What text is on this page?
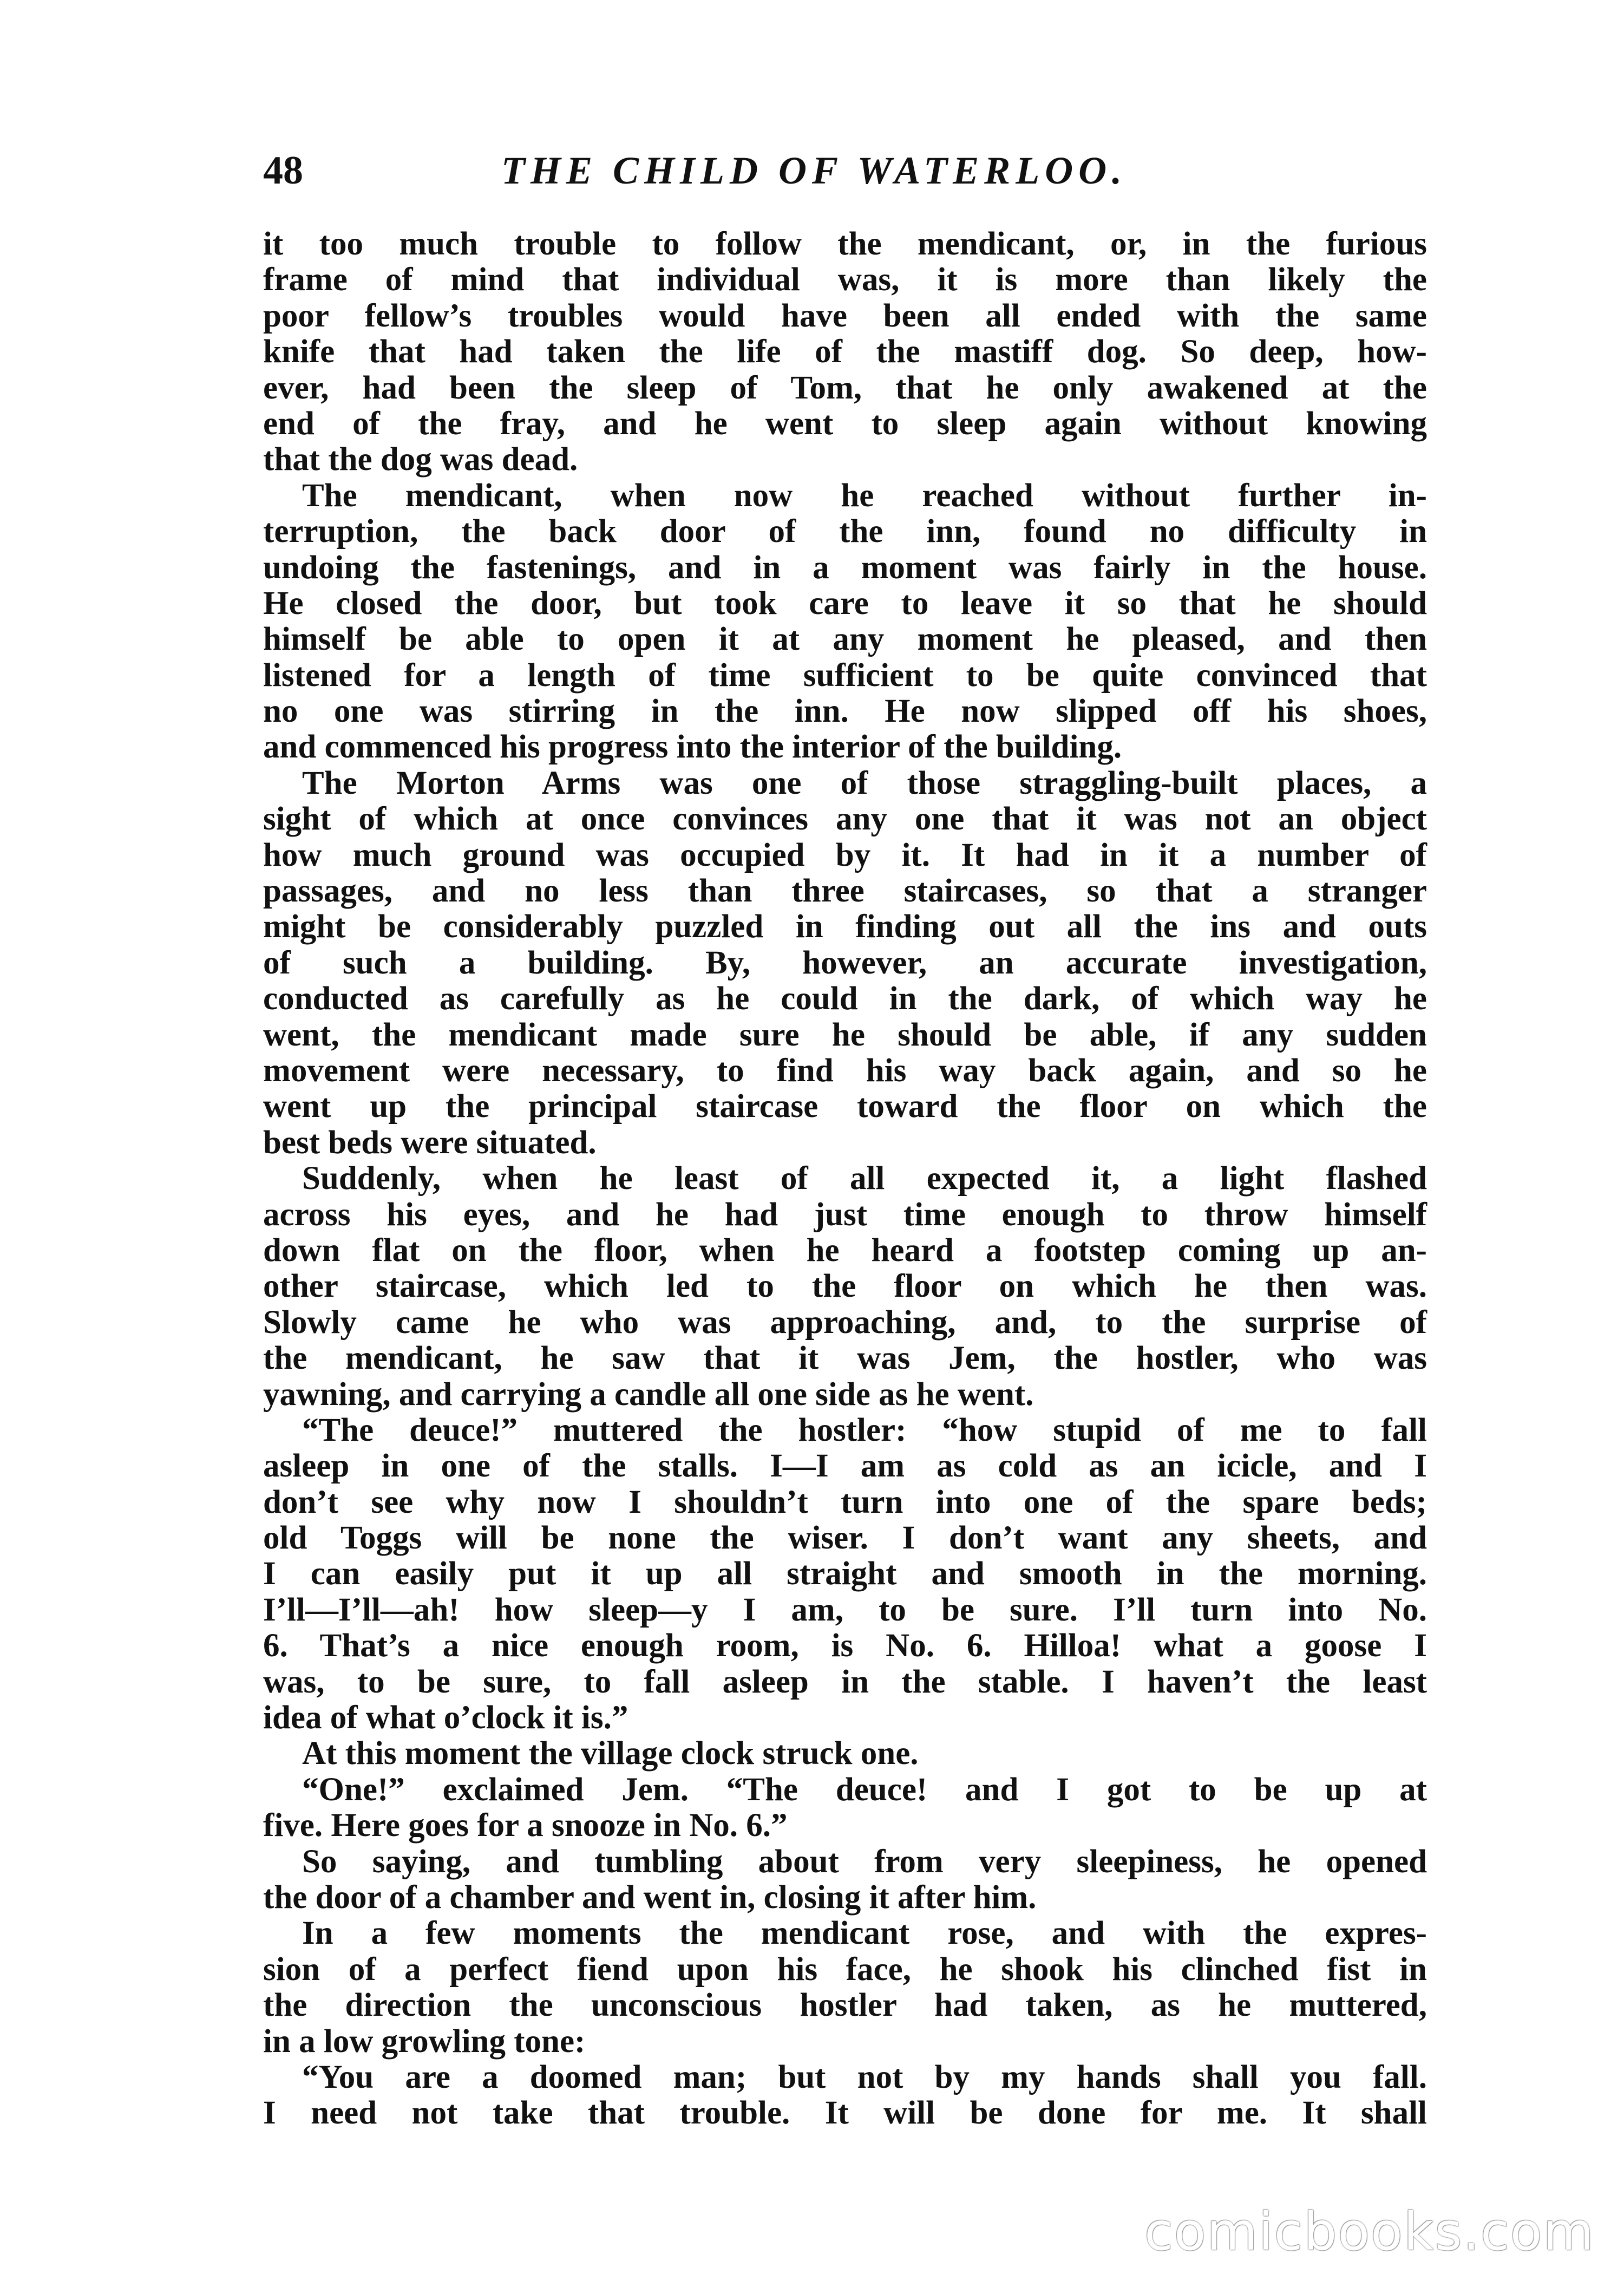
48	THE CHILD OF WATERLOO.
it too much trouble to follow the mendicant, or, in the furious
frame of mind that individual was, it is more than likely the
poor fellow’s troubles would have been all ended with the same
knife that had taken the life of the mastiff dog. So deep, how-
ever, had been the sleep of Tom, that he only awakened at the
end of the fray, and he went to sleep again without knowing
that the dog was dead.
The mendicant, when now he reached without further in-
terruption, the back door of the inn, found no difficulty in
undoing the fastenings, and in a moment was fairly in the house.
He closed the door, but took care to leave it so that he should
himself be able to open it at any moment he pleased, and then
listened for a length of time sufficient to be quite convinced that
no one was stirring in the inn. He now slipped off his shoes,
and commenced his progress into the interior of the building.
The Morton Arms was one of those straggling-built places, a
sight of which at once convinces any one that it was not an object
how much ground was occupied by it. It had in it a number of
passages, and no less than three staircases, so that a stranger
might be considerably puzzled in finding out all the ins and outs
of such a building. By, however, an accurate investigation,
conducted as carefully as he could in the dark, of which way he
went, the mendicant made sure he should be able, if any sudden
movement were necessary, to find his way back again, and so he
went up the principal staircase toward the floor on which the
best beds were situated.
Suddenly, when he least of all expected it, a light flashed
across his eyes, and he had just time enough to throw himself
down flat on the floor, when he heard a footstep coming up an-
other staircase, which led to the floor on which he then was.
Slowly came he who was approaching, and, to the surprise of
the mendicant, he saw that it was Jem, the hostler, who was
yawning, and carrying a candle all one side as he went.
“The deuce!” muttered the hostler: “how stupid of me to fall
asleep in one of the stalls. I—I am as cold as an icicle, and I
don’t see why now I shouldn’t turn into one of the spare beds;
old Toggs will be none the wiser. I don’t want any sheets, and
I can easily put it up all straight and smooth in the morning.
I’ll—I’ll—ah! how sleep—y I am, to be sure. I’ll turn into No.
6. That’s a nice enough room, is No. 6. Hilloa! what a goose I
was, to be sure, to fall asleep in the stable. I haven’t the least
idea of what o’clock it is.”
At this moment the village clock struck one.
“One!” exclaimed Jem. “The deuce! and I got to be up at
five. Here goes for a snooze in No. 6.”
So saying, and tumbling about from very sleepiness, he opened
the door of a chamber and went in, closing it after him.
In a few moments the mendicant rose, and with the expres-
sion of a perfect fiend upon his face, he shook his clinched fist in
the direction the unconscious hostler had taken, as he muttered,
in a low growling tone:
“You are a doomed man; but not by my hands shall you fall.
I need not take that trouble. It will be done for me. It shall
comicbooks.com
